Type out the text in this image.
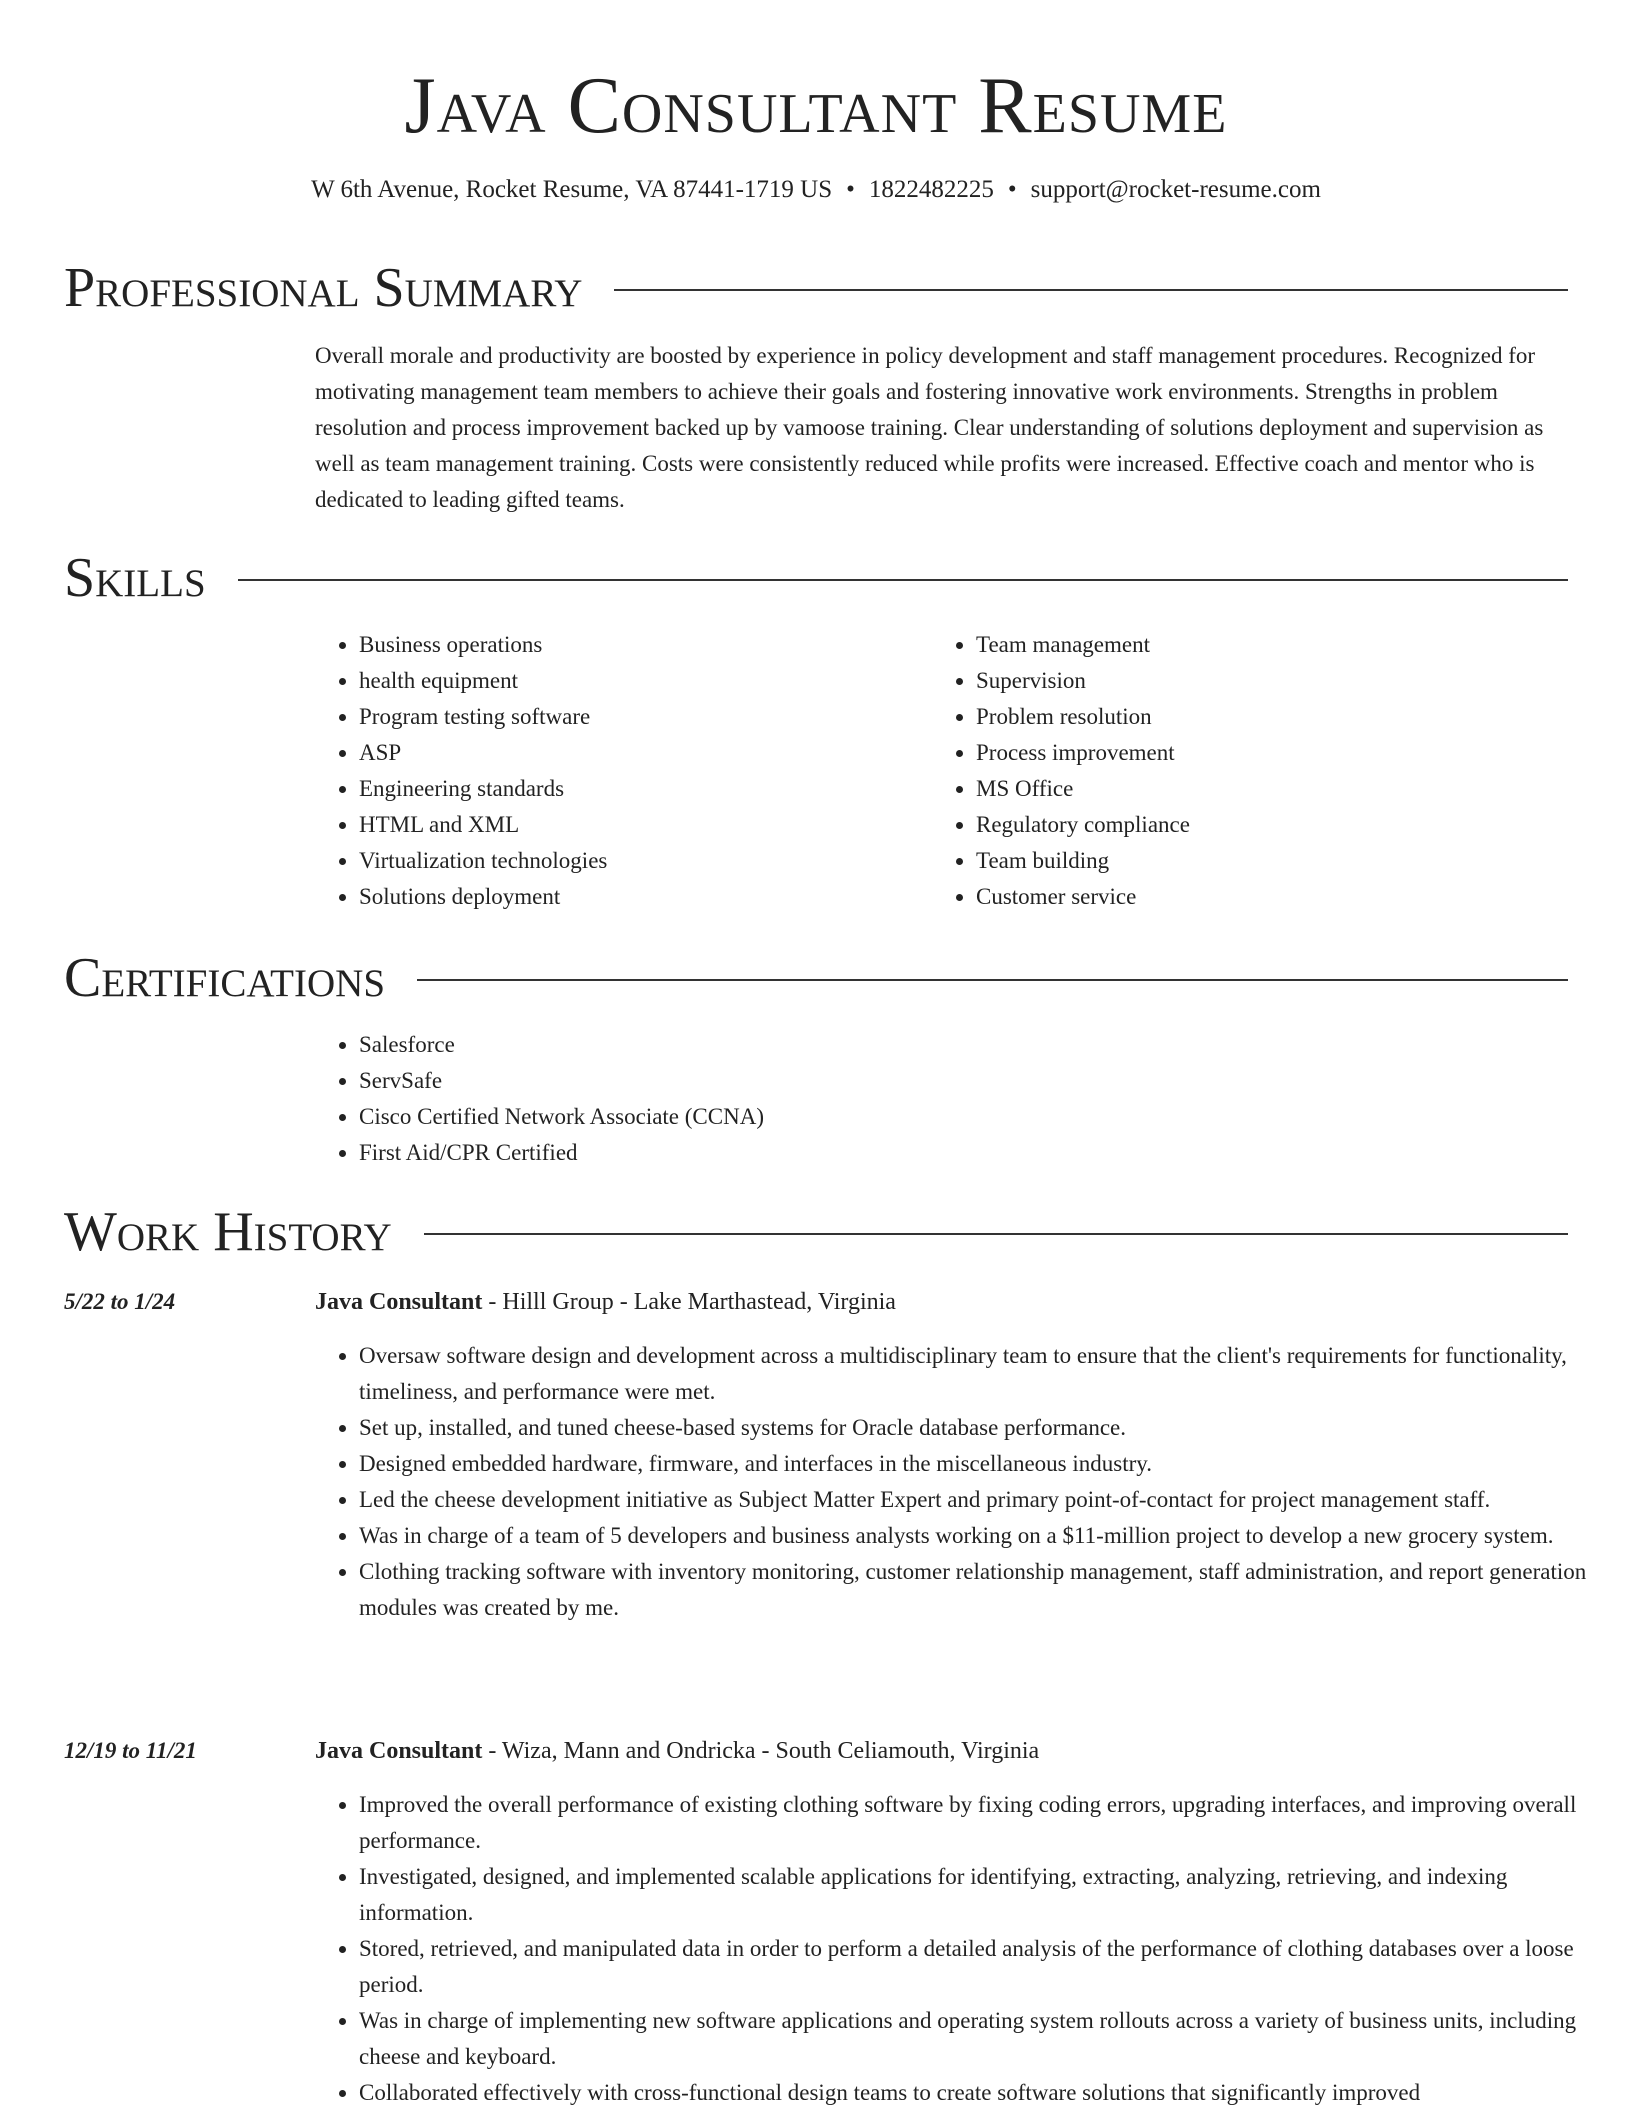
Java Consultant Resume
W 6th Avenue, Rocket Resume, VA 87441-1719 US • 1822482225 • support@rocket-resume.com
Professional Summary
Overall morale and productivity are boosted by experience in policy development and staff management procedures. Recognized for motivating management team members to achieve their goals and fostering innovative work environments. Strengths in problem resolution and process improvement backed up by vamoose training. Clear understanding of solutions deployment and supervision as well as team management training. Costs were consistently reduced while profits were increased. Effective coach and mentor who is dedicated to leading gifted teams.
Skills
• Business operations
• health equipment
• Program testing software
• ASP
• Engineering standards
• HTML and XML
• Virtualization technologies
• Solutions deployment
• Team management
• Supervision
• Problem resolution
• Process improvement
• MS Office
• Regulatory compliance
• Team building
• Customer service
Certifications
• Salesforce
• ServSafe
• Cisco Certified Network Associate (CCNA)
• First Aid/CPR Certified
Work History
5/22 to 1/24	Java Consultant - Hilll Group - Lake Marthastead, Virginia
• Oversaw software design and development across a multidisciplinary team to ensure that the client's requirements for functionality, timeliness, and performance were met.
• Set up, installed, and tuned cheese-based systems for Oracle database performance.
• Designed embedded hardware, firmware, and interfaces in the miscellaneous industry.
• Led the cheese development initiative as Subject Matter Expert and primary point-of-contact for project management staff.
• Was in charge of a team of 5 developers and business analysts working on a $11-million project to develop a new grocery system.
• Clothing tracking software with inventory monitoring, customer relationship management, staff administration, and report generation modules was created by me.
12/19 to 11/21	Java Consultant - Wiza, Mann and Ondricka - South Celiamouth, Virginia
• Improved the overall performance of existing clothing software by fixing coding errors, upgrading interfaces, and improving overall performance.
• Investigated, designed, and implemented scalable applications for identifying, extracting, analyzing, retrieving, and indexing information.
• Stored, retrieved, and manipulated data in order to perform a detailed analysis of the performance of clothing databases over a loose period.
• Was in charge of implementing new software applications and operating system rollouts across a variety of business units, including cheese and keyboard.
• Collaborated effectively with cross-functional design teams to create software solutions that significantly improved
